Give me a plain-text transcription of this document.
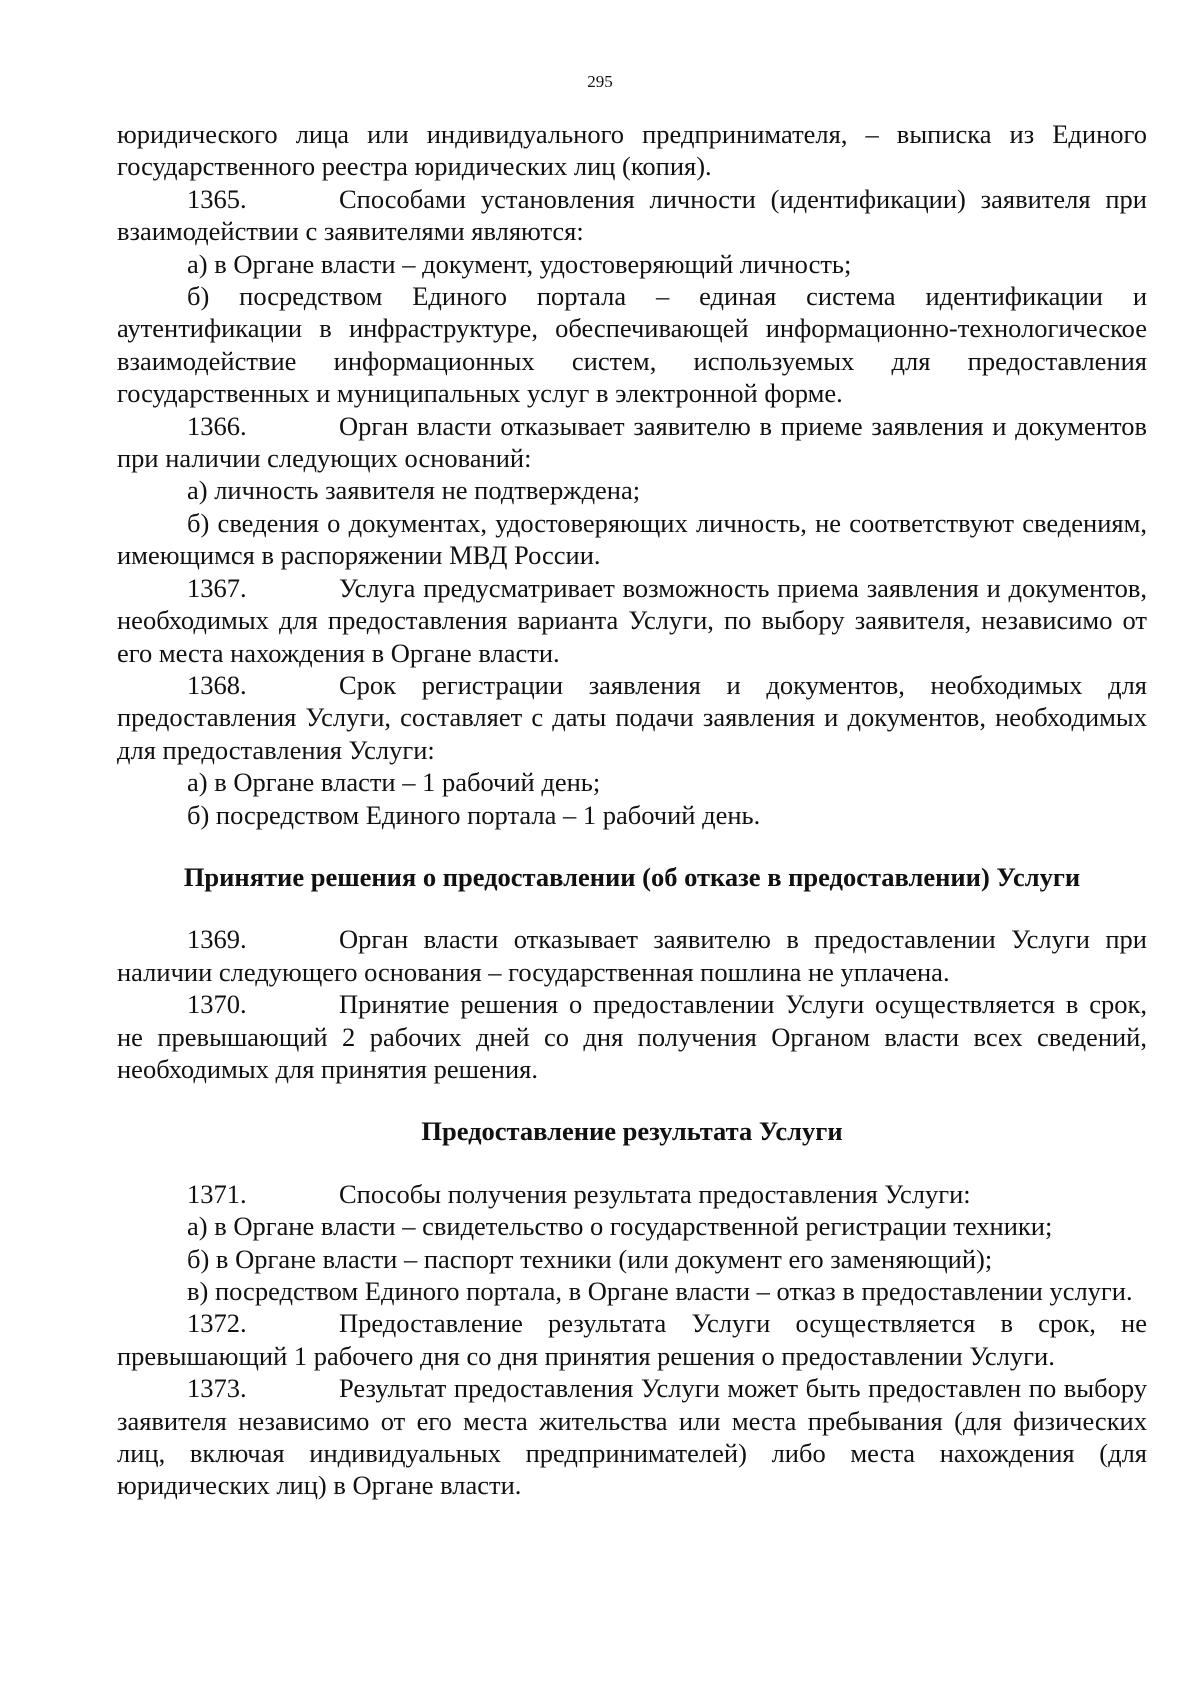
295

юридического лица или индивидуального предпринимателя, – выписка из Единого государственного реестра юридических лиц (копия).

1365.	Способами установления личности (идентификации) заявителя при взаимодействии с заявителями являются:

а) в Органе власти – документ, удостоверяющий личность;

б) посредством Единого портала – единая система идентификации и аутентификации в инфраструктуре, обеспечивающей информационно-технологическое взаимодействие информационных систем, используемых для предоставления государственных и муниципальных услуг в электронной форме.

1366.	Орган власти отказывает заявителю в приеме заявления и документов при наличии следующих оснований:

а) личность заявителя не подтверждена;

б) сведения о документах, удостоверяющих личность, не соответствуют сведениям, имеющимся в распоряжении МВД России.

1367.	Услуга предусматривает возможность приема заявления и документов, необходимых для предоставления варианта Услуги, по выбору заявителя, независимо от его места нахождения в Органе власти.

1368.	Срок регистрации заявления и документов, необходимых для предоставления Услуги, составляет с даты подачи заявления и документов, необходимых для предоставления Услуги:

а) в Органе власти – 1 рабочий день;

б) посредством Единого портала – 1 рабочий день.

Принятие решения о предоставлении (об отказе в предоставлении) Услуги

1369.	Орган власти отказывает заявителю в предоставлении Услуги при наличии следующего основания – государственная пошлина не уплачена.

1370.	Принятие решения о предоставлении Услуги осуществляется в срок, не превышающий 2 рабочих дней со дня получения Органом власти всех сведений, необходимых для принятия решения.

Предоставление результата Услуги

1371.	Способы получения результата предоставления Услуги:

а) в Органе власти – свидетельство о государственной регистрации техники;

б) в Органе власти – паспорт техники (или документ его заменяющий);

в) посредством Единого портала, в Органе власти – отказ в предоставлении услуги.

1372.	Предоставление результата Услуги осуществляется в срок, не превышающий 1 рабочего дня со дня принятия решения о предоставлении Услуги.

1373.	Результат предоставления Услуги может быть предоставлен по выбору заявителя независимо от его места жительства или места пребывания (для физических лиц, включая индивидуальных предпринимателей) либо места нахождения (для юридических лиц) в Органе власти.
